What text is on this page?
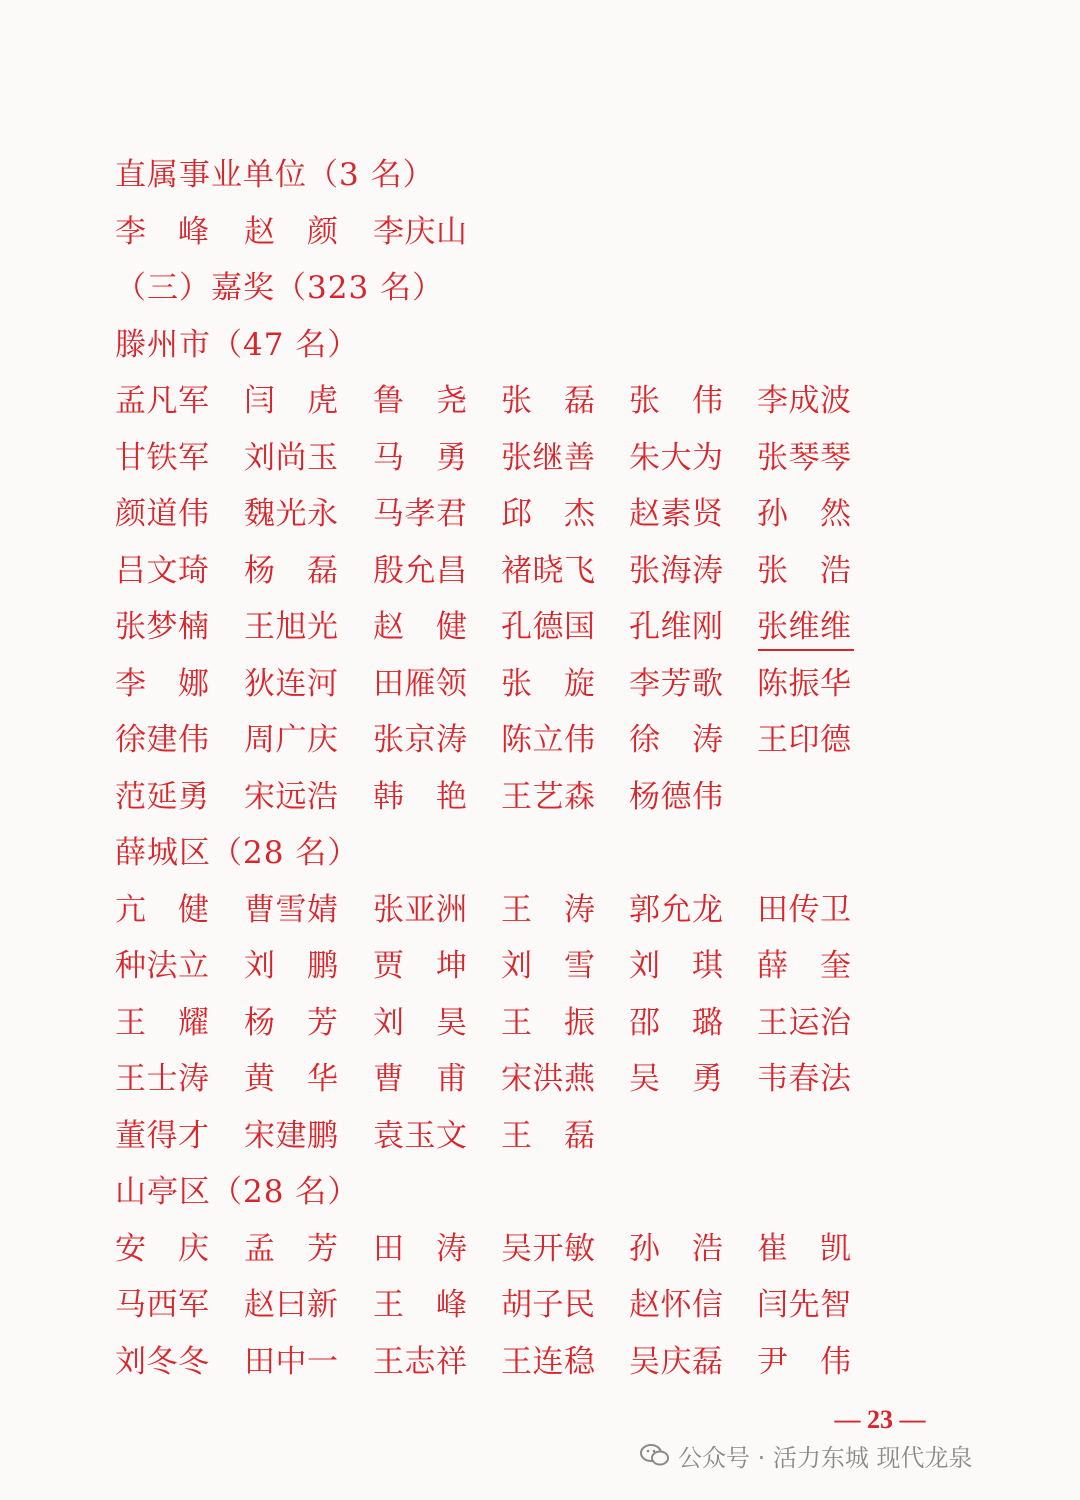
直属事业单位（3 名）
李 峰 赵 颜 李 庆 山
（三）嘉奖（323 名）
滕州市（47 名）
孟 凡 军 闫 虎 鲁 尧 张 磊 张 伟 李 成 波
甘 铁 军 刘 尚 玉 马 勇 张 继 善 朱 大 为 张 琴 琴
颜 道 伟 魏 光 永 马 孝 君 邱 杰 赵 素 贤 孙 然
吕 文 琦 杨 磊 殷 允 昌 褚 晓 飞 张 海 涛 张 浩
张 梦 楠 王 旭 光 赵 健 孔 德 国 孔 维 刚 张 维 维
李 娜 狄 连 河 田 雁 领 张 旋 李 芳 歌 陈 振 华
徐 建 伟 周 广 庆 张 京 涛 陈 立 伟 徐 涛 王 印 德
范 延 勇 宋 远 浩 韩 艳 王 艺 森 杨 德 伟
薛城区（28 名）
亢 健 曹 雪 婧 张 亚 洲 王 涛 郭 允 龙 田 传 卫
种 法 立 刘 鹏 贾 坤 刘 雪 刘 琪 薛 奎
王 耀 杨 芳 刘 昊 王 振 邵 璐 王 运 治
王 士 涛 黄 华 曹 甫 宋 洪 燕 吴 勇 韦 春 法
董 得 才 宋 建 鹏 袁 玉 文 王 磊
山亭区（28 名）
安 庆 孟 芳 田 涛 吴 开 敏 孙 浩 崔 凯
马 西 军 赵 曰 新 王 峰 胡 子 民 赵 怀 信 闫 先 智
刘 冬 冬 田 中 一 王 志 祥 王 连 稳 吴 庆 磊 尹 伟
— 23 —
公众号 · 活力东城 现代龙泉
